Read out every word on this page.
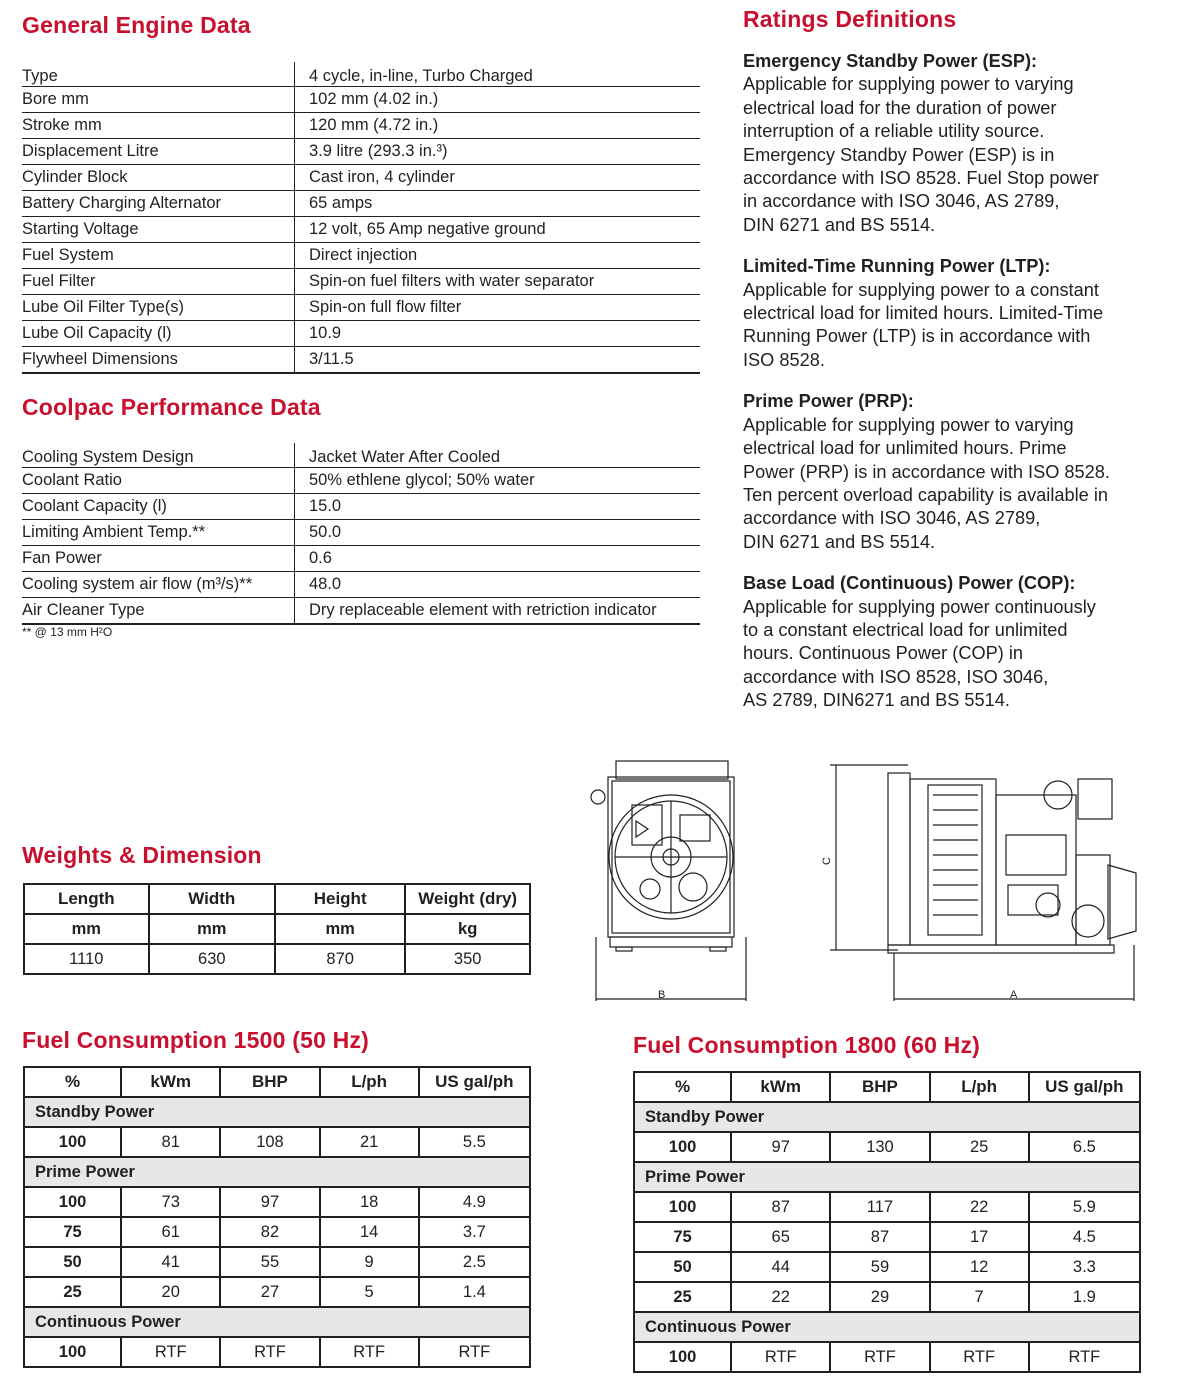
General Engine Data
Type	4 cycle, in-line, Turbo Charged
Bore mm	102 mm (4.02 in.)
Stroke mm	120 mm (4.72 in.)
Displacement Litre	3.9 litre (293.3 in.³)
Cylinder Block	Cast iron, 4 cylinder
Battery Charging Alternator	65 amps
Starting Voltage	12 volt, 65 Amp negative ground
Fuel System	Direct injection
Fuel Filter	Spin-on fuel filters with water separator
Lube Oil Filter Type(s)	Spin-on full flow filter
Lube Oil Capacity (l)	10.9
Flywheel Dimensions	3/11.5
Coolpac Performance Data
Cooling System Design	Jacket Water After Cooled
Coolant Ratio	50% ethlene glycol; 50% water
Coolant Capacity (l)	15.0
Limiting Ambient Temp.**	50.0
Fan Power	0.6
Cooling system air flow (m³/s)**	48.0
Air Cleaner Type	Dry replaceable element with retriction indicator
** @ 13 mm H²O
Ratings Definitions
Emergency Standby Power (ESP):
Applicable for supplying power to varying
electrical load for the duration of power
interruption of a reliable utility source.
Emergency Standby Power (ESP) is in
accordance with ISO 8528. Fuel Stop power
in accordance with ISO 3046, AS 2789,
DIN 6271 and BS 5514.
Limited-Time Running Power (LTP):
Applicable for supplying power to a constant
electrical load for limited hours. Limited-Time
Running Power (LTP) is in accordance with
ISO 8528.
Prime Power (PRP):
Applicable for supplying power to varying
electrical load for unlimited hours. Prime
Power (PRP) is in accordance with ISO 8528.
Ten percent overload capability is available in
accordance with ISO 3046, AS 2789,
DIN 6271 and BS 5514.
Base Load (Continuous) Power (COP):
Applicable for supplying power continuously
to a constant electrical load for unlimited
hours. Continuous Power (COP) in
accordance with ISO 8528, ISO 3046,
AS 2789, DIN6271 and BS 5514.
Weights & Dimension
Length	Width	Height	Weight (dry)
mm	mm	mm	kg
1110	630	870	350
B
C
A
Fuel Consumption 1500 (50 Hz)
%	kWm	BHP	L/ph	US gal/ph
Standby Power				
100	81	108	21	5.5
Prime Power				
100	73	97	18	4.9
75	61	82	14	3.7
50	41	55	9	2.5
25	20	27	5	1.4
Continuous Power				
100	RTF	RTF	RTF	RTF
Fuel Consumption 1800 (60 Hz)
%	kWm	BHP	L/ph	US gal/ph
Standby Power				
100	97	130	25	6.5
Prime Power				
100	87	117	22	5.9
75	65	87	17	4.5
50	44	59	12	3.3
25	22	29	7	1.9
Continuous Power				
100	RTF	RTF	RTF	RTF
